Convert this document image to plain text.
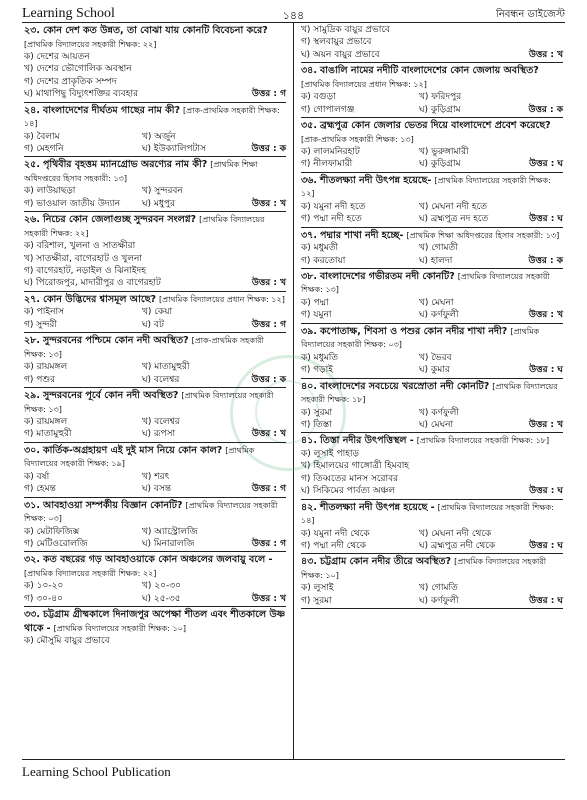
Learning School	১৪৪	নিবন্ধন ডাইজেস্ট

২৩. কোন দেশ কত উন্নত, তা বোঝা যায় কোনটি বিবেচনা করে? [প্রাথমিক বিদ্যালয়ের সহকারী শিক্ষক: ২২]

ক) দেশের আয়তন
খ) দেশের ভৌগোলিক অবস্থান
গ) দেশের প্রাকৃতিক সম্পদ
ঘ) মাথাপিছু বিদ্যুৎশক্তির ব্যবহার	উত্তর : গ

২৪. বাংলাদেশের দীর্ঘতম গাছের নাম কী? [প্রাক-প্রাথমিক সহকারী শিক্ষক: ১৪]

ক) বৈলাম	খ) অর্জুন
গ) মেহগনি	ঘ) ইউক্যালিপটাস	উত্তর : ক

২৫. পৃথিবীর বৃহত্তম ম্যানগ্রোভ অরণ্যের নাম কী? [প্রাথমিক শিক্ষা অধিদপ্তরের হিসাব সহকারী: ১৩]

ক) লাউয়াছড়া	খ) সুন্দরবন
গ) ভাওয়াল জাতীয় উদ্যান	ঘ) মধুপুর	উত্তর : খ

২৬. নিচের কোন জেলাগুচ্ছ সুন্দরবন সংলগ্ন? [প্রাথমিক বিদ্যালয়ের সহকারী শিক্ষক: ২২]

ক) বরিশাল, খুলনা ও সাতক্ষীরা
খ) সাতক্ষীরা, বাগেরহাট ও খুলনা
গ) বাগেরহাট, নড়াইল ও ঝিনাইদহ
ঘ) পিরোজপুর, মাদারীপুর ও বাগেরহাট	উত্তর : খ

২৭. কোন উদ্ভিদের শ্বাসমূল আছে? [প্রাথমিক বিদ্যালয়ের প্রধান শিক্ষক: ১২]

ক) পাইনাস	খ) কেয়া
গ) সুন্দরী	ঘ) বট	উত্তর : গ

২৮. সুন্দরবনের পশ্চিমে কোন নদী অবস্থিত? [প্রাক-প্রাথমিক সহকারী শিক্ষক: ১৩]

ক) রায়মঙ্গল	খ) মাতামুহুরী
গ) পশুর	ঘ) বলেশ্বর	উত্তর : ক

২৯. সুন্দরবনের পূর্বে কোন নদী অবস্থিত? [প্রাথমিক বিদ্যালয়ের সহকারী শিক্ষক: ১৩]

ক) রায়মঙ্গল	খ) বলেশ্বর
গ) মাতামুহুরী	ঘ) রূপসা	উত্তর : খ

৩০. কার্তিক-অগ্রহায়ণ এই দুই মাস নিয়ে কোন কাল? [প্রাথমিক বিদ্যালয়ের সহকারী শিক্ষক: ১৯]

ক) বর্ষা	খ) শরৎ
গ) হেমন্ত	ঘ) বসন্ত	উত্তর : গ

৩১. আবহাওয়া সম্পর্কীয় বিজ্ঞান কোনটি? [প্রাথমিক বিদ্যালয়ের সহকারী শিক্ষক: ০৩]

ক) মেটাফিজিক্স	খ) অ্যাস্ট্রোলজি
গ) মেটিওরোলজি	ঘ) মিনারালজি	উত্তর : গ

৩২. কত বছরের গড় আবহাওয়াকে কোন অঞ্চলের জলবায়ু বলে - [প্রাথমিক বিদ্যালয়ের সহকারী শিক্ষক: ২২]

ক) ১০-২০	খ) ২০-৩০
গ) ৩০-৪০	ঘ) ২৫-৩৫	উত্তর : খ

৩৩. চট্টগ্রাম গ্রীষ্মকালে দিনাজপুর অপেক্ষা শীতল এবং শীতকালে উষ্ণ থাকে - [প্রাথমিক বিদ্যালয়ের সহকারী শিক্ষক: ১০]

ক) মৌসুমি বায়ুর প্রভাবে
খ) সামুদ্রিক বায়ুর প্রভাবে
গ) স্থলবায়ুর প্রভাবে
ঘ) অয়ন বায়ুর প্রভাবে	উত্তর : খ

৩৪. বাঙালি নামের নদীটি বাংলাদেশের কোন জেলায় অবস্থিত? [প্রাথমিক বিদ্যালয়ের প্রধান শিক্ষক: ১২]

ক) বগুড়া	খ) ফরিদপুর
গ) গোপালগঞ্জ	ঘ) কুড়িগ্রাম	উত্তর : ক

৩৫. ব্রহ্মপুত্র কোন জেলার ভেতর দিয়ে বাংলাদেশে প্রবেশ করেছে? [প্রাক-প্রাথমিক সহকারী শিক্ষক: ১৩]

ক) লালমনিরহাট	খ) ভুরুঙ্গামারী
গ) নীলফামারী	ঘ) কুড়িগ্রাম	উত্তর : ঘ

৩৬. শীতলক্ষ্যা নদী উৎপন্ন হয়েছে- [প্রাথমিক বিদ্যালয়ের সহকারী শিক্ষক: ১২]

ক) যমুনা নদী হতে	খ) মেঘনা নদী হতে
গ) পদ্মা নদী হতে	ঘ) ব্রহ্মপুত্র নদ হতে	উত্তর : ঘ

৩৭. পদ্মার শাখা নদী হচ্ছে- [প্রাথমিক শিক্ষা অধিদপ্তরের হিসাব সহকারী: ১৩]

ক) মধুমতী	খ) গোমতী
গ) করতোয়া	ঘ) হালদা	উত্তর : ক

৩৮. বাংলাদেশের গভীরতম নদী কোনটি? [প্রাথমিক বিদ্যালয়ের সহকারী শিক্ষক: ১৩]

ক) পদ্মা	খ) মেঘনা
গ) যমুনা	ঘ) কর্ণফুলী	উত্তর : খ

৩৯. কপোতাক্ষ, শিবসা ও পশুর কোন নদীর শাখা নদী? [প্রাথমিক বিদ্যালয়ের সহকারী শিক্ষক: ০৩]

ক) মধুমতি	খ) ভৈরব
গ) গড়াই	ঘ) কুমার	উত্তর : ঘ

৪০. বাংলাদেশের সবচেয়ে খরস্রোতা নদী কোনটি? [প্রাথমিক বিদ্যালয়ের সহকারী শিক্ষক: ১৮]

ক) সুরমা	খ) কর্ণফুলী
গ) তিস্তা	ঘ) মেঘনা	উত্তর : খ

৪১. তিস্তা নদীর উৎপত্তিস্থল - [প্রাথমিক বিদ্যালয়ের সহকারী শিক্ষক: ১৮]

ক) লুসাই পাহাড়
খ) হিমালয়ের গাঙ্গোত্রী হিমবাহ
গ) তিব্বতের মানস সরোবর
ঘ) সিকিমের পার্বত্য অঞ্চল	উত্তর : ঘ

৪২. শীতলক্ষ্যা নদী উৎপন্ন হয়েছে - [প্রাথমিক বিদ্যালয়ের সহকারী শিক্ষক: ১৪]

ক) যমুনা নদী থেকে	খ) মেঘনা নদী থেকে
গ) পদ্মা নদী থেকে	ঘ) ব্রহ্মপুত্র নদী থেকে	উত্তর : ঘ

৪৩. চট্টগ্রাম কোন নদীর তীরে অবস্থিত? [প্রাথমিক বিদ্যালয়ের সহকারী শিক্ষক: ১০]

ক) লুসাই	খ) গোমতি
গ) সুরমা	ঘ) কর্ণফুলী	উত্তর : ঘ
Learning School Publication
